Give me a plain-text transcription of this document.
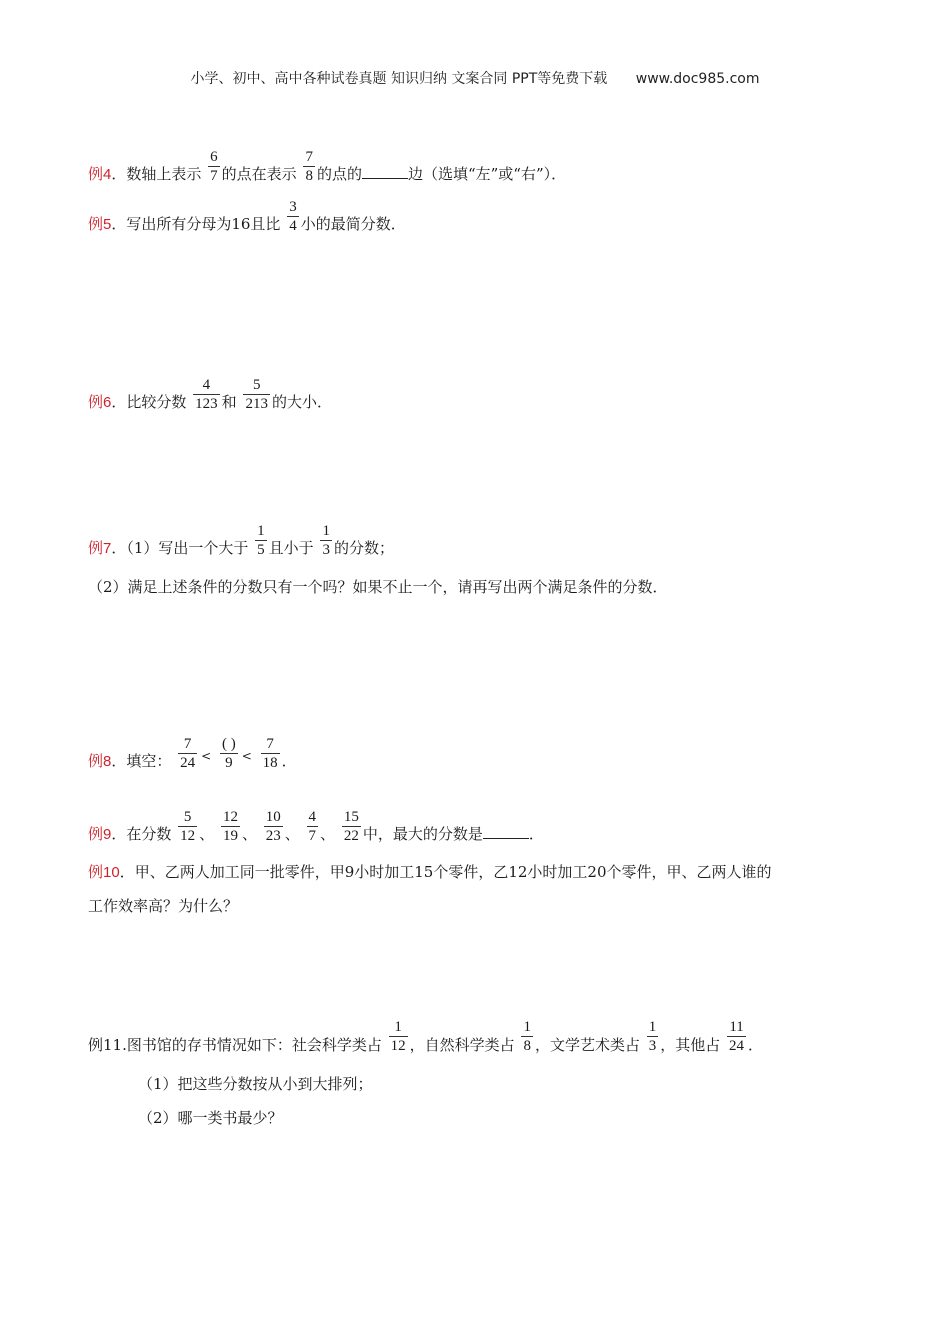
小学、初中、高中各种试卷真题 知识归纳 文案合同 PPT等免费下载 www.doc985.com
例4．数轴上表示 $\frac{6}{7}$ 的点在表示 $\frac{7}{8}$ 的点的	边（选填“左”或“右”）．
例5．写出所有分母为16且比 $\frac{3}{4}$ 小的最简分数．
例6．比较分数 $\frac{4}{123}$ 和 $\frac{5}{213}$ 的大小．
例7．（1）写出一个大于 $\frac{1}{5}$ 且小于 $\frac{1}{3}$ 的分数；
（2）满足上述条件的分数只有一个吗？如果不止一个，请再写出两个满足条件的分数．
例8．填空： $\frac{7}{24} ^< \frac{( )}{9} ^< \frac{7}{18}$ ．
例9．在分数 $\frac{5}{12}$ 、 $\frac{12}{19}$ 、 $\frac{10}{23}$ 、 $\frac{4}{7}$ 、 $\frac{15}{22}$ 中，最大的分数是	．
例10．甲、乙两人加工同一批零件，甲9小时加工15个零件，乙12小时加工20个零件，甲、乙两人谁的
工作效率高？为什么？
例11.图书馆的存书情况如下：社会科学类占 $\frac{1}{12}$ ，自然科学类占 $\frac{1}{8}$ ，文学艺术类占 $\frac{1}{3}$ ，其他占 $\frac{11}{24}$ ．
（1）把这些分数按从小到大排列；
（2）哪一类书最少？
